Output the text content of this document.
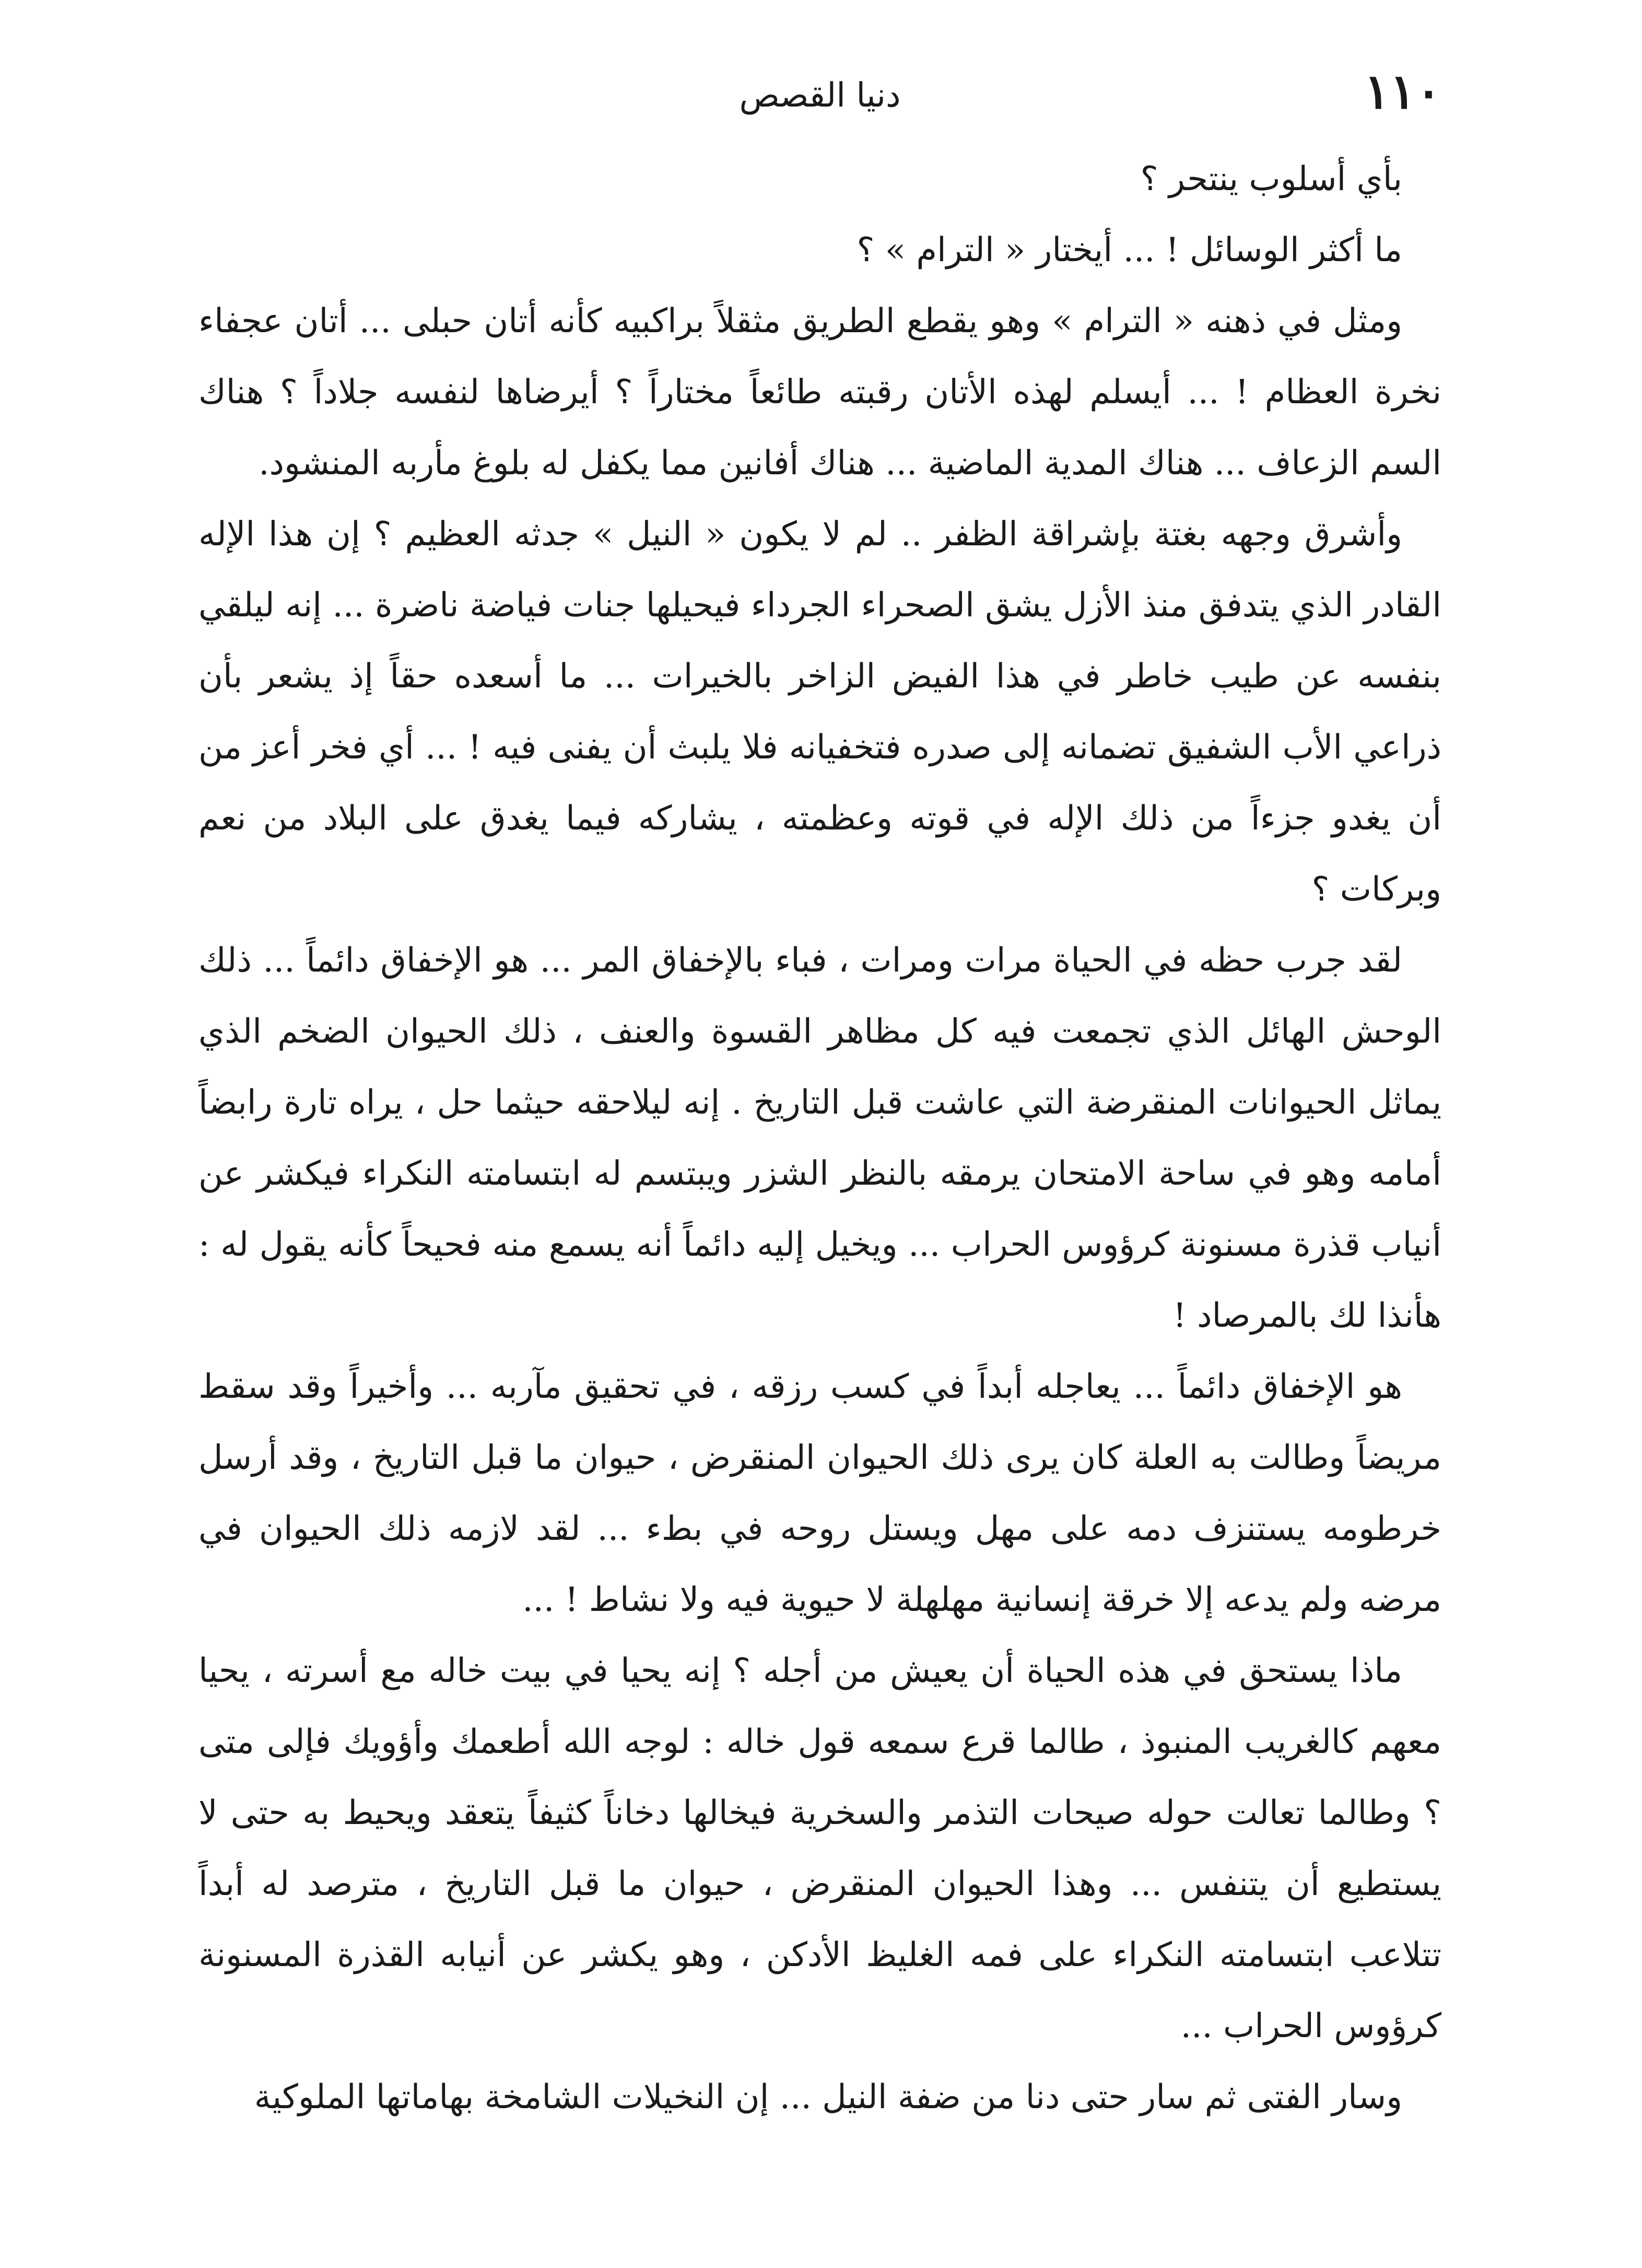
١١٠
دنيا القصص

بأي أسلوب ينتحر ؟

ما أكثر الوسائل ! ... أيختار « الترام » ؟

ومثل في ذهنه « الترام » وهو يقطع الطريق مثقلاً براكبيه كأنه أتان حبلى ... أتان عجفاء نخرة العظام ! ... أيسلم لهذه الأتان رقبته طائعاً مختاراً ؟ أيرضاها لنفسه جلاداً ؟ هناك السم الزعاف ... هناك المدية الماضية ... هناك أفانين مما يكفل له بلوغ مأربه المنشود.

وأشرق وجهه بغتة بإشراقة الظفر .. لم لا يكون « النيل » جدثه العظيم ؟ إن هذا الإله القادر الذي يتدفق منذ الأزل يشق الصحراء الجرداء فيحيلها جنات فياضة ناضرة ... إنه ليلقي بنفسه عن طيب خاطر في هذا الفيض الزاخر بالخيرات ... ما أسعده حقاً إذ يشعر بأن ذراعي الأب الشفيق تضمانه إلى صدره فتخفيانه فلا يلبث أن يفنى فيه ! ... أي فخر أعز من أن يغدو جزءاً من ذلك الإله في قوته وعظمته ، يشاركه فيما يغدق على البلاد من نعم وبركات ؟

لقد جرب حظه في الحياة مرات ومرات ، فباء بالإخفاق المر ... هو الإخفاق دائماً ... ذلك الوحش الهائل الذي تجمعت فيه كل مظاهر القسوة والعنف ، ذلك الحيوان الضخم الذي يماثل الحيوانات المنقرضة التي عاشت قبل التاريخ . إنه ليلاحقه حيثما حل ، يراه تارة رابضاً أمامه وهو في ساحة الامتحان يرمقه بالنظر الشزر ويبتسم له ابتسامته النكراء فيكشر عن أنياب قذرة مسنونة كرؤوس الحراب ... ويخيل إليه دائماً أنه يسمع منه فحيحاً كأنه يقول له : هأنذا لك بالمرصاد !

هو الإخفاق دائماً ... يعاجله أبداً في كسب رزقه ، في تحقيق مآربه ... وأخيراً وقد سقط مريضاً وطالت به العلة كان يرى ذلك الحيوان المنقرض ، حيوان ما قبل التاريخ ، وقد أرسل خرطومه يستنزف دمه على مهل ويستل روحه في بطء ... لقد لازمه ذلك الحيوان في مرضه ولم يدعه إلا خرقة إنسانية مهلهلة لا حيوية فيه ولا نشاط ! ...

ماذا يستحق في هذه الحياة أن يعيش من أجله ؟ إنه يحيا في بيت خاله مع أسرته ، يحيا معهم كالغريب المنبوذ ، طالما قرع سمعه قول خاله : لوجه الله أطعمك وأؤويك فإلى متى ؟ وطالما تعالت حوله صيحات التذمر والسخرية فيخالها دخاناً كثيفاً يتعقد ويحيط به حتى لا يستطيع أن يتنفس ... وهذا الحيوان المنقرض ، حيوان ما قبل التاريخ ، مترصد له أبداً تتلاعب ابتسامته النكراء على فمه الغليظ الأدكن ، وهو يكشر عن أنيابه القذرة المسنونة كرؤوس الحراب ...

وسار الفتى ثم سار حتى دنا من ضفة النيل ... إن النخيلات الشامخة بهاماتها الملوكية
